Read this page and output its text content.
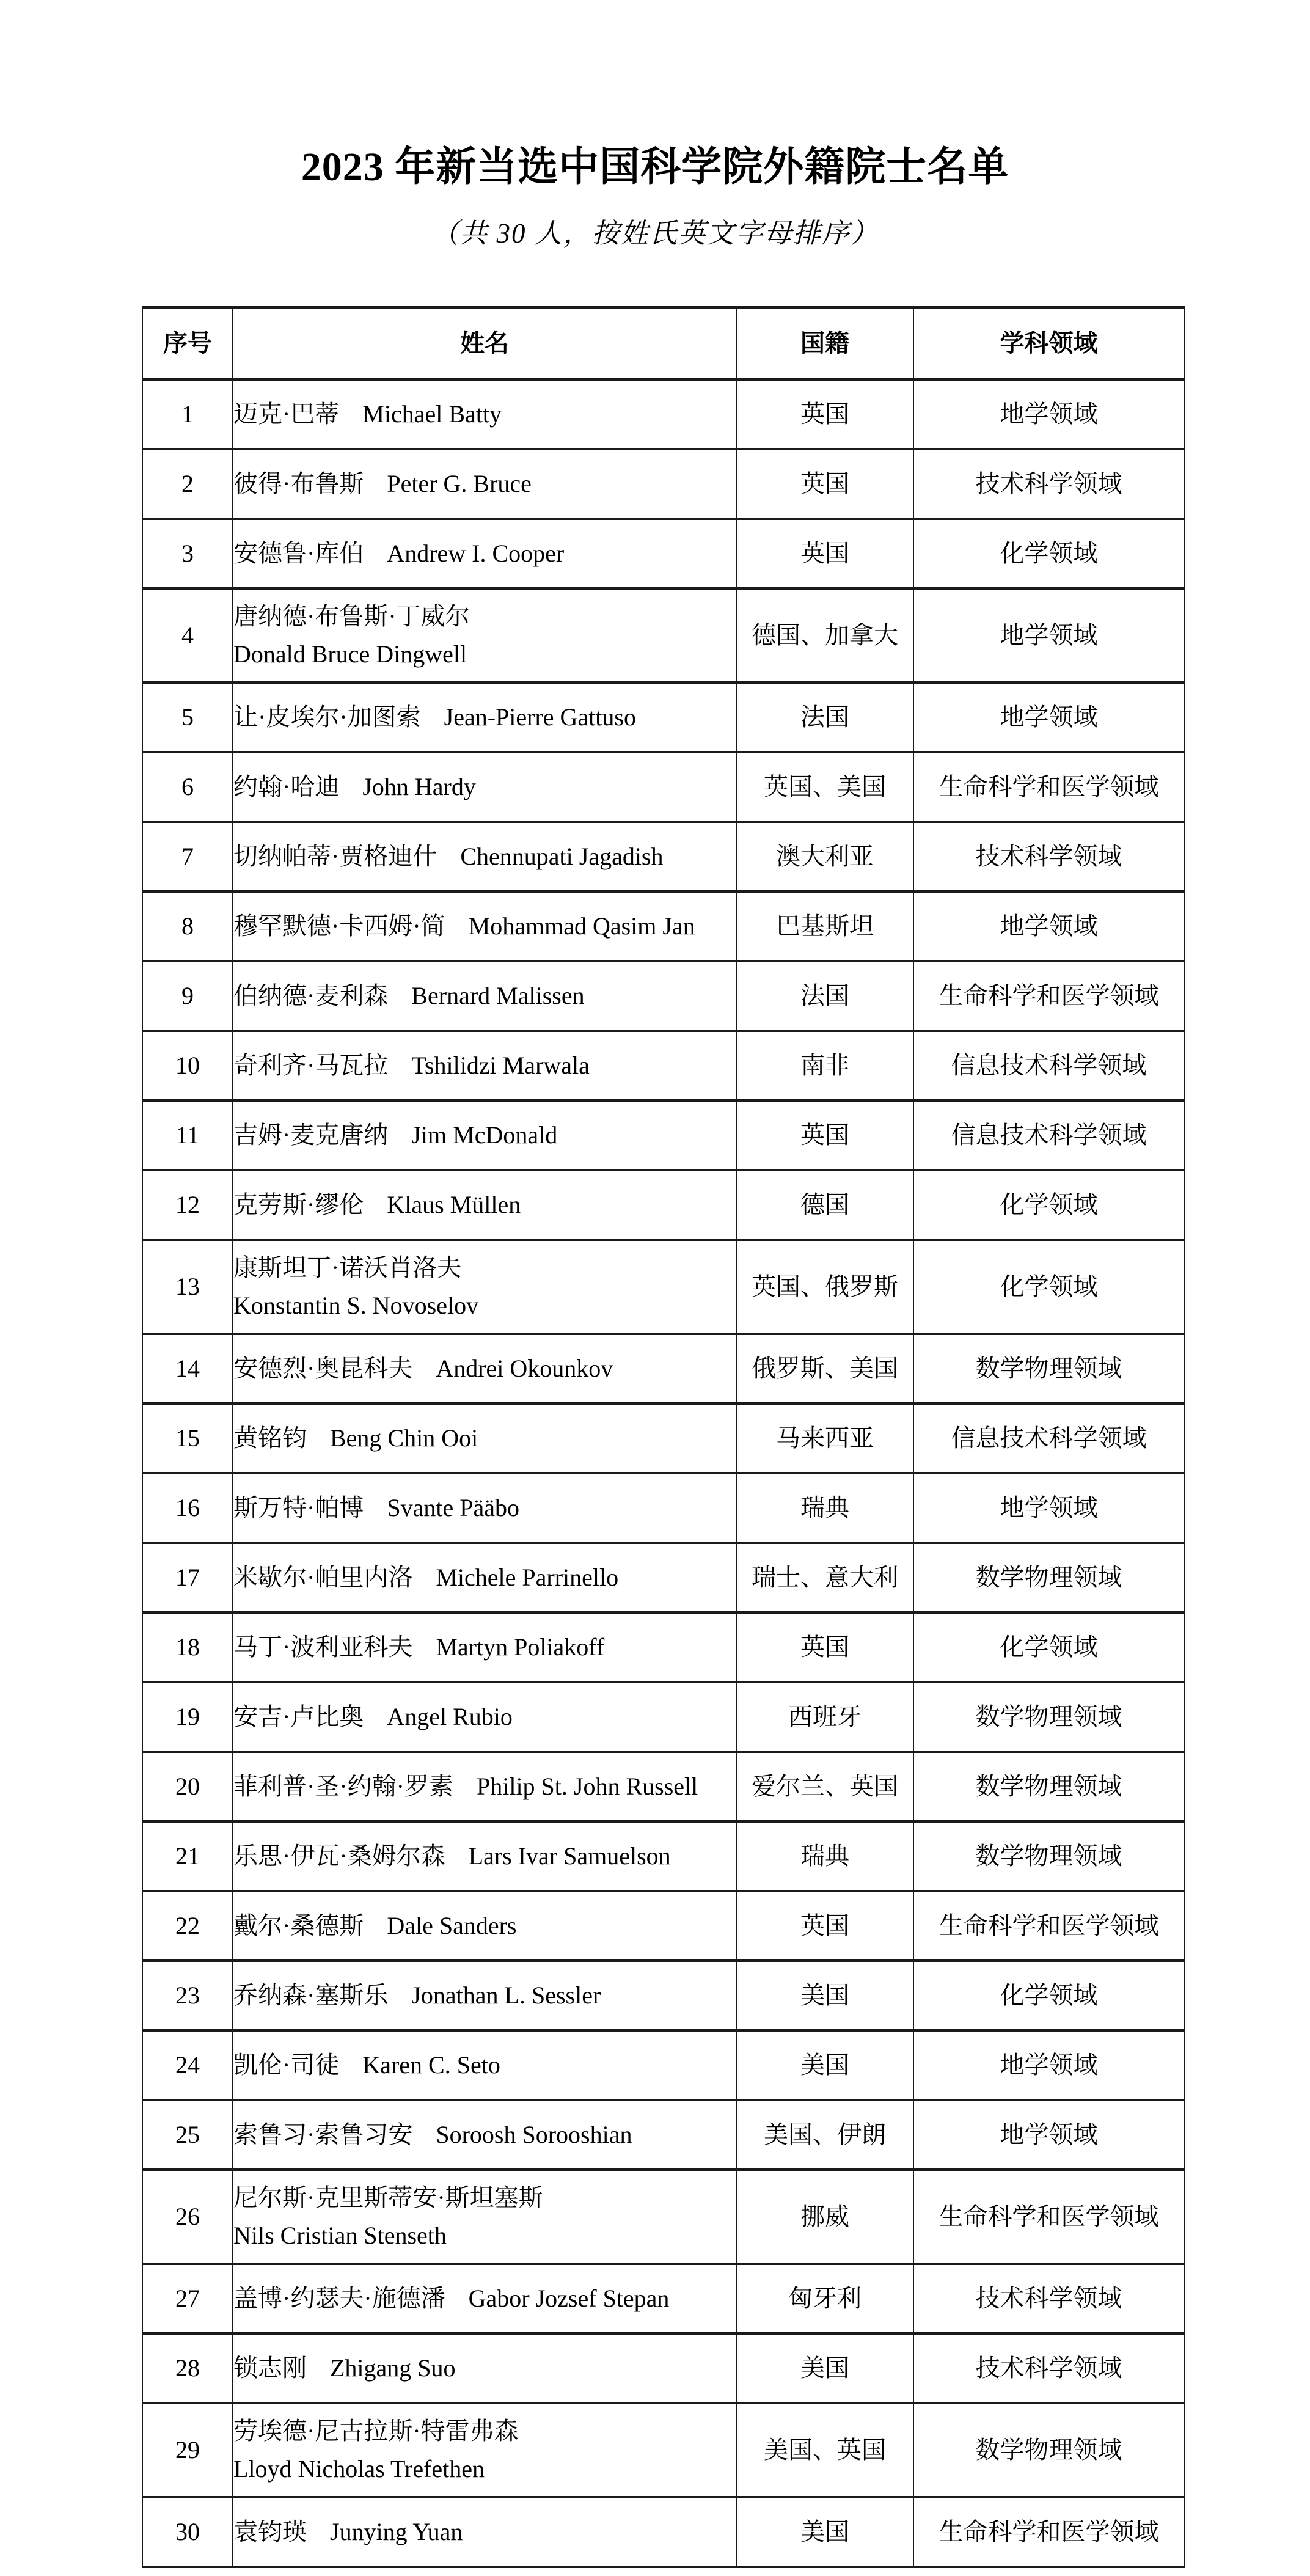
2023 年新当选中国科学院外籍院士名单
（共 30 人，按姓氏英文字母排序）
序号	姓名	国籍	学科领域
1	迈克·巴蒂 Michael Batty	英国	地学领域
2	彼得·布鲁斯 Peter G. Bruce	英国	技术科学领域
3	安德鲁·库伯 Andrew I. Cooper	英国	化学领域
4	唐纳德·布鲁斯·丁威尔
Donald Bruce Dingwell	德国、加拿大	地学领域
5	让·皮埃尔·加图索 Jean-Pierre Gattuso	法国	地学领域
6	约翰·哈迪 John Hardy	英国、美国	生命科学和医学领域
7	切纳帕蒂·贾格迪什 Chennupati Jagadish	澳大利亚	技术科学领域
8	穆罕默德·卡西姆·简 Mohammad Qasim Jan	巴基斯坦	地学领域
9	伯纳德·麦利森 Bernard Malissen	法国	生命科学和医学领域
10	奇利齐·马瓦拉 Tshilidzi Marwala	南非	信息技术科学领域
11	吉姆·麦克唐纳 Jim McDonald	英国	信息技术科学领域
12	克劳斯·缪伦 Klaus Müllen	德国	化学领域
13	康斯坦丁·诺沃肖洛夫
Konstantin S. Novoselov	英国、俄罗斯	化学领域
14	安德烈·奥昆科夫 Andrei Okounkov	俄罗斯、美国	数学物理领域
15	黄铭钧 Beng Chin Ooi	马来西亚	信息技术科学领域
16	斯万特·帕博 Svante Pääbo	瑞典	地学领域
17	米歇尔·帕里内洛 Michele Parrinello	瑞士、意大利	数学物理领域
18	马丁·波利亚科夫 Martyn Poliakoff	英国	化学领域
19	安吉·卢比奥 Angel Rubio	西班牙	数学物理领域
20	菲利普·圣·约翰·罗素 Philip St. John Russell	爱尔兰、英国	数学物理领域
21	乐思·伊瓦·桑姆尔森 Lars Ivar Samuelson	瑞典	数学物理领域
22	戴尔·桑德斯 Dale Sanders	英国	生命科学和医学领域
23	乔纳森·塞斯乐 Jonathan L. Sessler	美国	化学领域
24	凯伦·司徒 Karen C. Seto	美国	地学领域
25	索鲁习·索鲁习安 Soroosh Sorooshian	美国、伊朗	地学领域
26	尼尔斯·克里斯蒂安·斯坦塞斯
Nils Cristian Stenseth	挪威	生命科学和医学领域
27	盖博·约瑟夫·施德潘 Gabor Jozsef Stepan	匈牙利	技术科学领域
28	锁志刚 Zhigang Suo	美国	技术科学领域
29	劳埃德·尼古拉斯·特雷弗森
Lloyd Nicholas Trefethen	美国、英国	数学物理领域
30	袁钧瑛 Junying Yuan	美国	生命科学和医学领域
